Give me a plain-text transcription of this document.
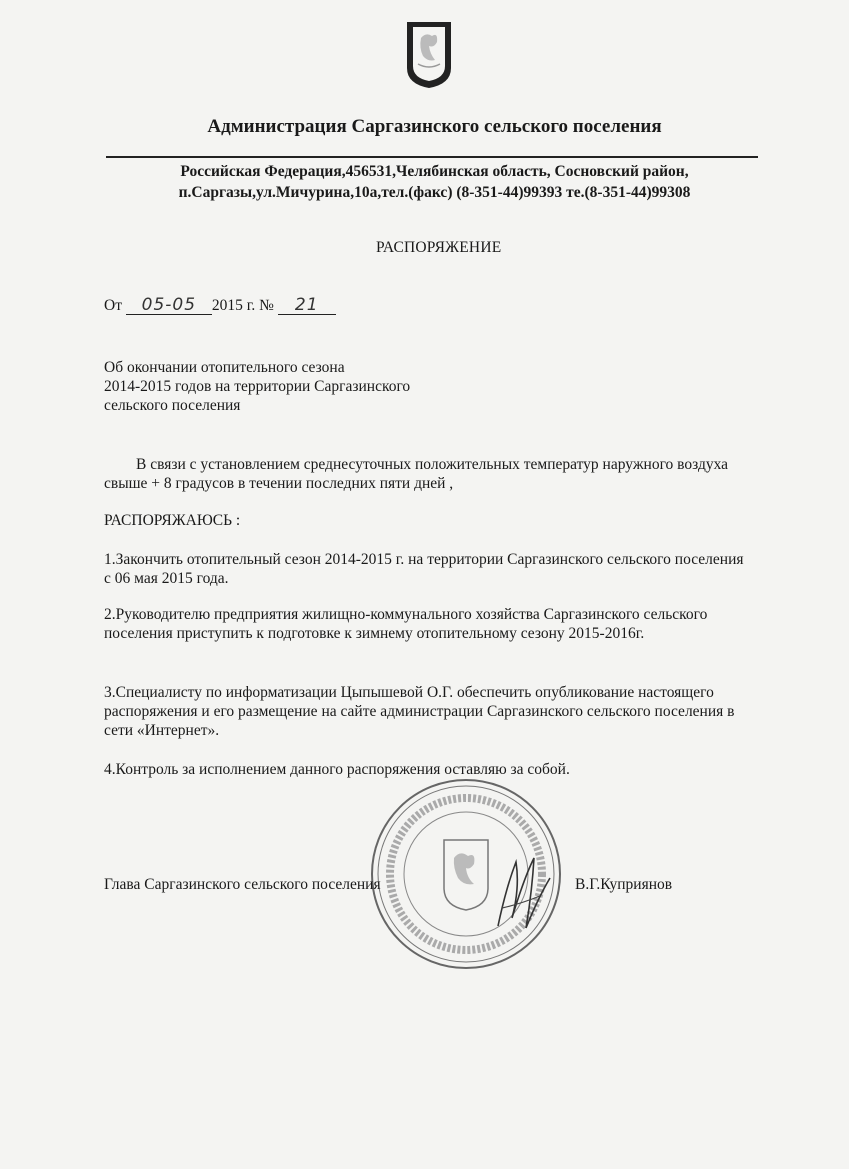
Администрация Саргазинского сельского поселения
Российская Федерация,456531,Челябинская область, Сосновский район,
п.Саргазы,ул.Мичурина,10а,тел.(факс) (8-351-44)99393 те.(8-351-44)99308
РАСПОРЯЖЕНИЕ
От 05-05 2015 г. № 21
Об окончании отопительного сезона
2014-2015 годов на территории Саргазинского
сельского поселения
В связи с установлением среднесуточных положительных температур наружного воздуха свыше + 8 градусов в течении последних пяти дней ,
РАСПОРЯЖАЮСЬ :
1.Закончить отопительный сезон 2014-2015 г. на территории Саргазинского сельского поселения с 06 мая 2015 года.
2.Руководителю предприятия жилищно-коммунального хозяйства Саргазинского сельского поселения приступить к подготовке к зимнему отопительному сезону 2015-2016г.
3.Специалисту по информатизации Цыпышевой О.Г. обеспечить опубликование настоящего распоряжения и его размещение на сайте администрации Саргазинского сельского поселения в сети «Интернет».
4.Контроль за исполнением данного распоряжения оставляю за собой.
Глава Саргазинского сельского поселения	В.Г.Куприянов
